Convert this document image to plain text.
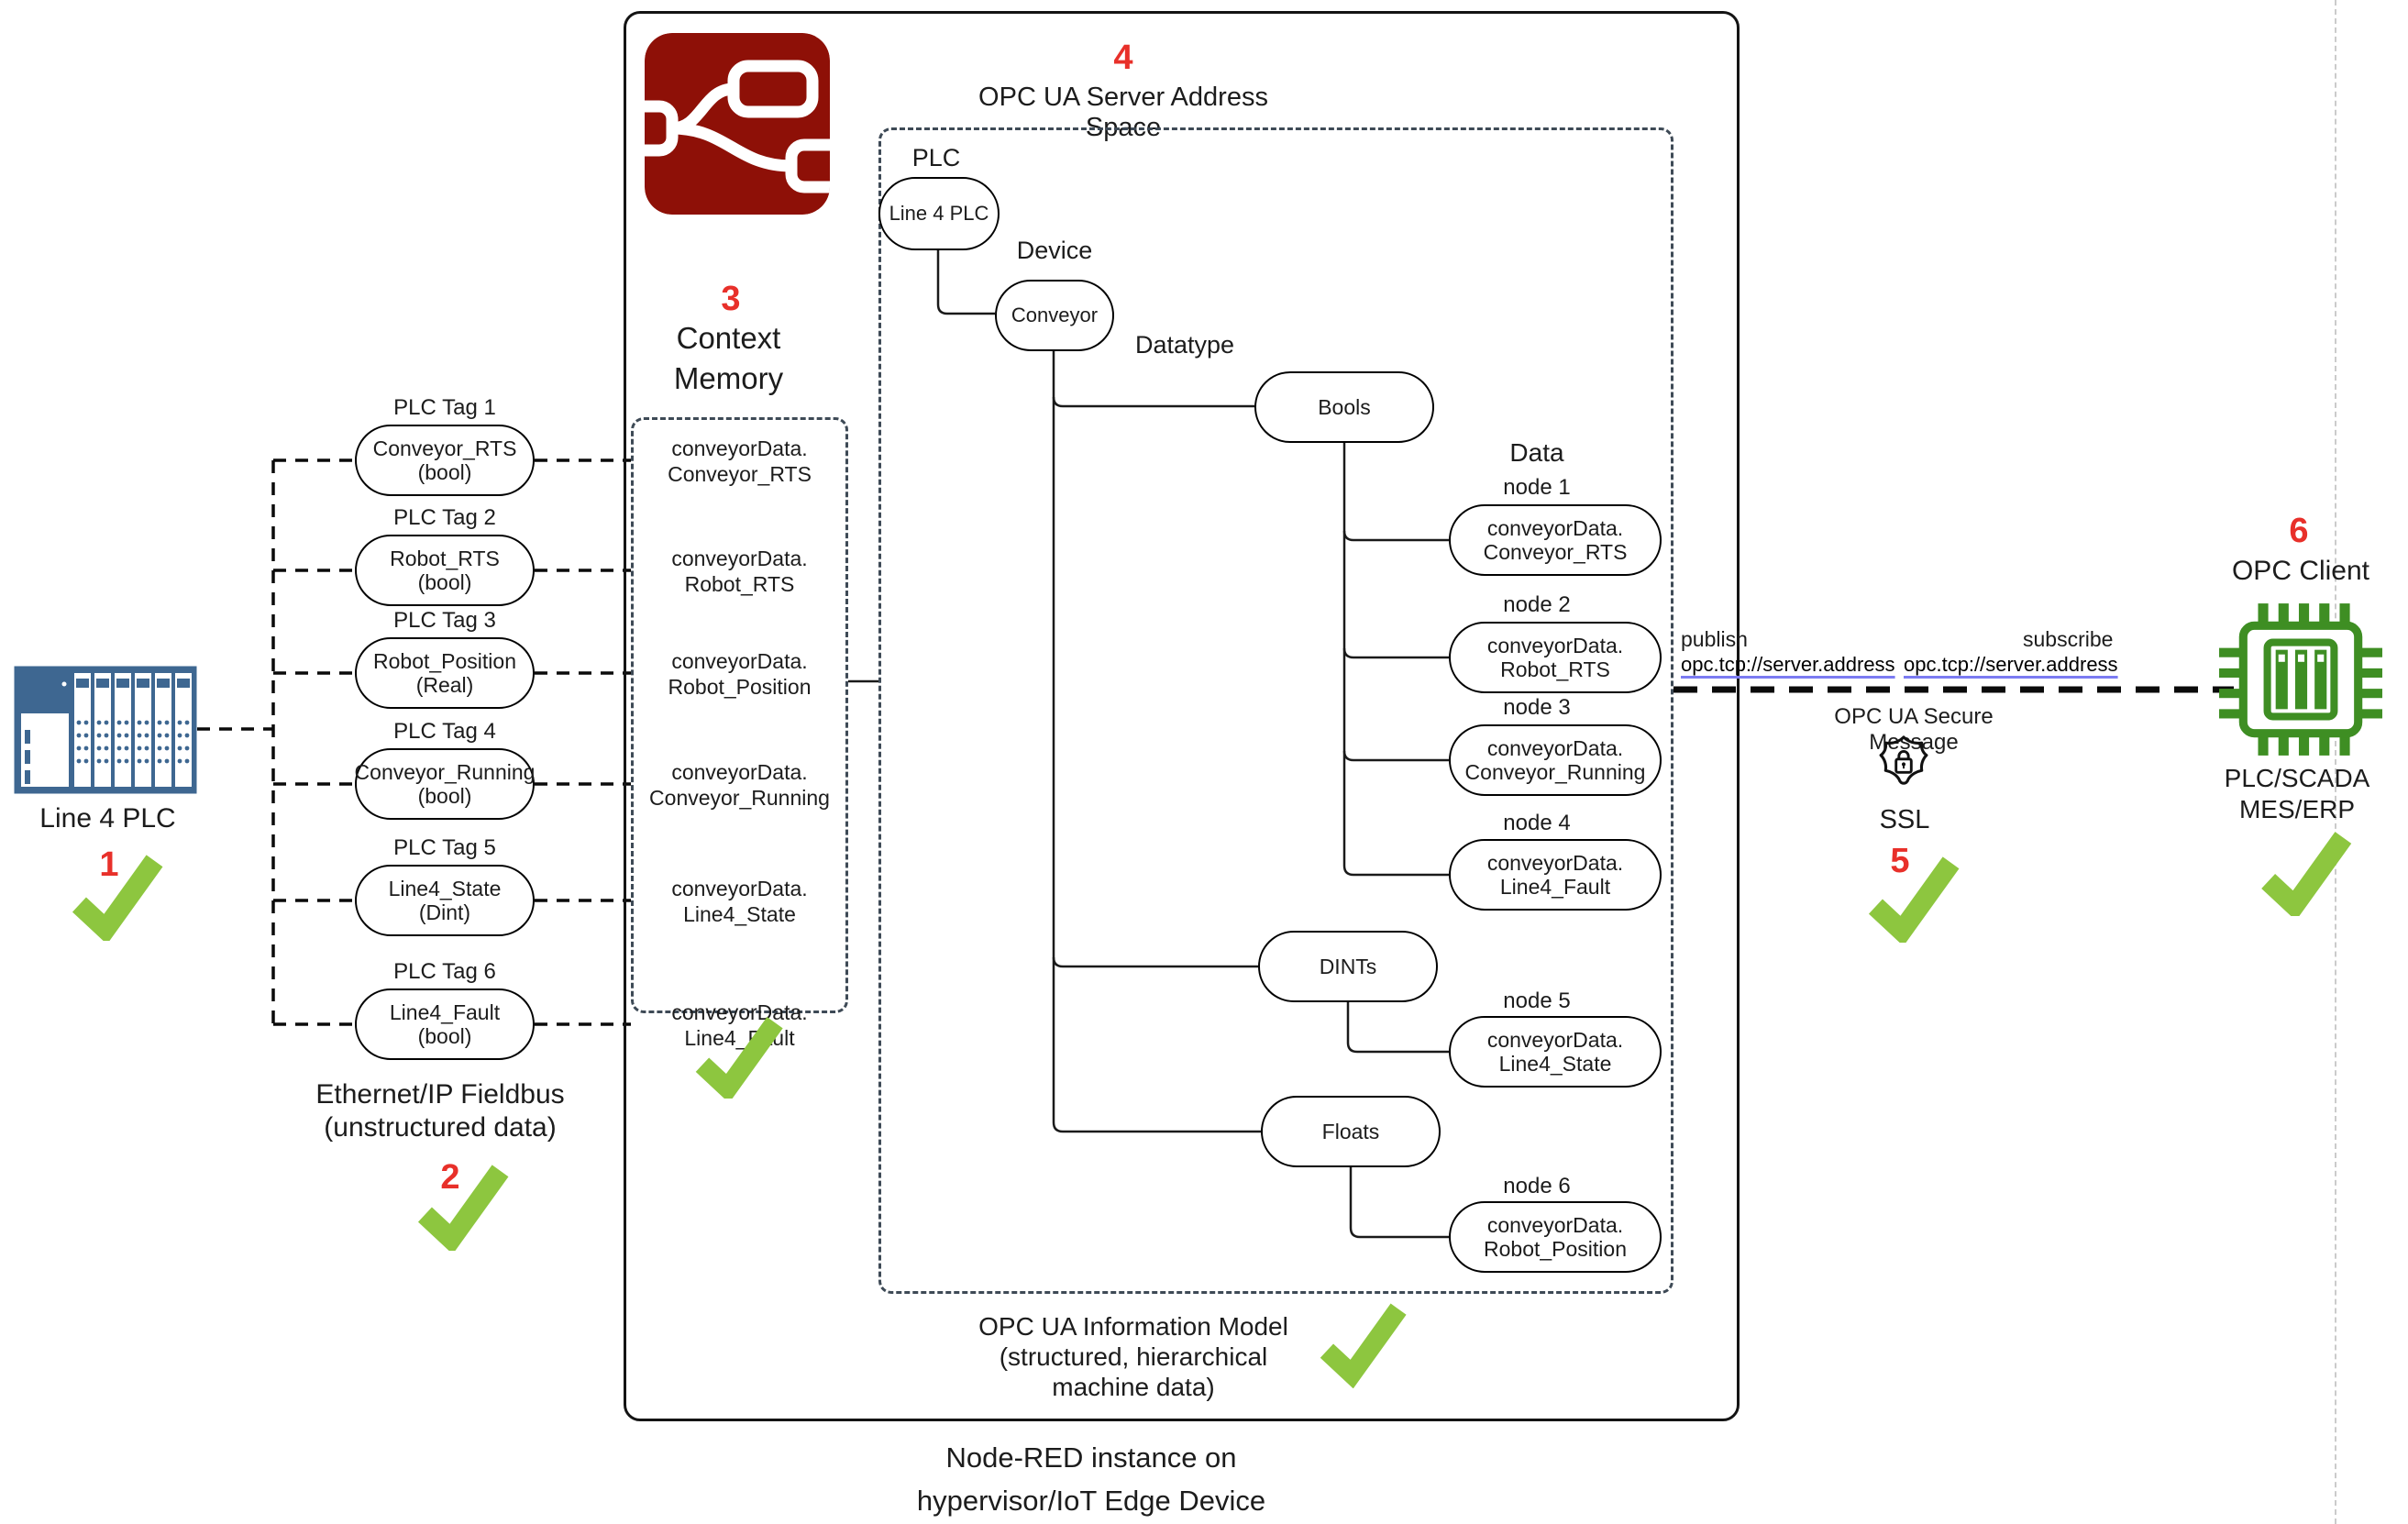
Line 4 PLC
1
PLC Tag 1
Conveyor_RTS
(bool)
PLC Tag 2
Robot_RTS
(bool)
PLC Tag 3
Robot_Position
(Real)
PLC Tag 4
Conveyor_Running
(bool)
PLC Tag 5
Line4_State
(Dint)
PLC Tag 6
Line4_Fault
(bool)
Ethernet/IP Fieldbus
(unstructured data)
2
3
Context
Memory
conveyorData.
Conveyor_RTS
conveyorData.
Robot_RTS
conveyorData.
Robot_Position
conveyorData.
Conveyor_Running
conveyorData.
Line4_State
conveyorData.
Line4_Fault
4
OPC UA Server Address Space
PLC
Line 4 PLC
Device
Conveyor
Datatype
Bools
DINTs
Floats
Data
node 1
conveyorData.
Conveyor_RTS
node 2
conveyorData.
Robot_RTS
node 3
conveyorData.
Conveyor_Running
node 4
conveyorData.
Line4_Fault
node 5
conveyorData.
Line4_State
node 6
conveyorData.
Robot_Position
OPC UA Information Model
(structured, hierarchical machine data)
Node-RED instance on
hypervisor/IoT Edge Device
publish
opc.tcp://server.address
subscribe
opc.tcp://server.address
OPC UA Secure Message
SSL
5
6
OPC Client
PLC/SCADA
MES/ERP
